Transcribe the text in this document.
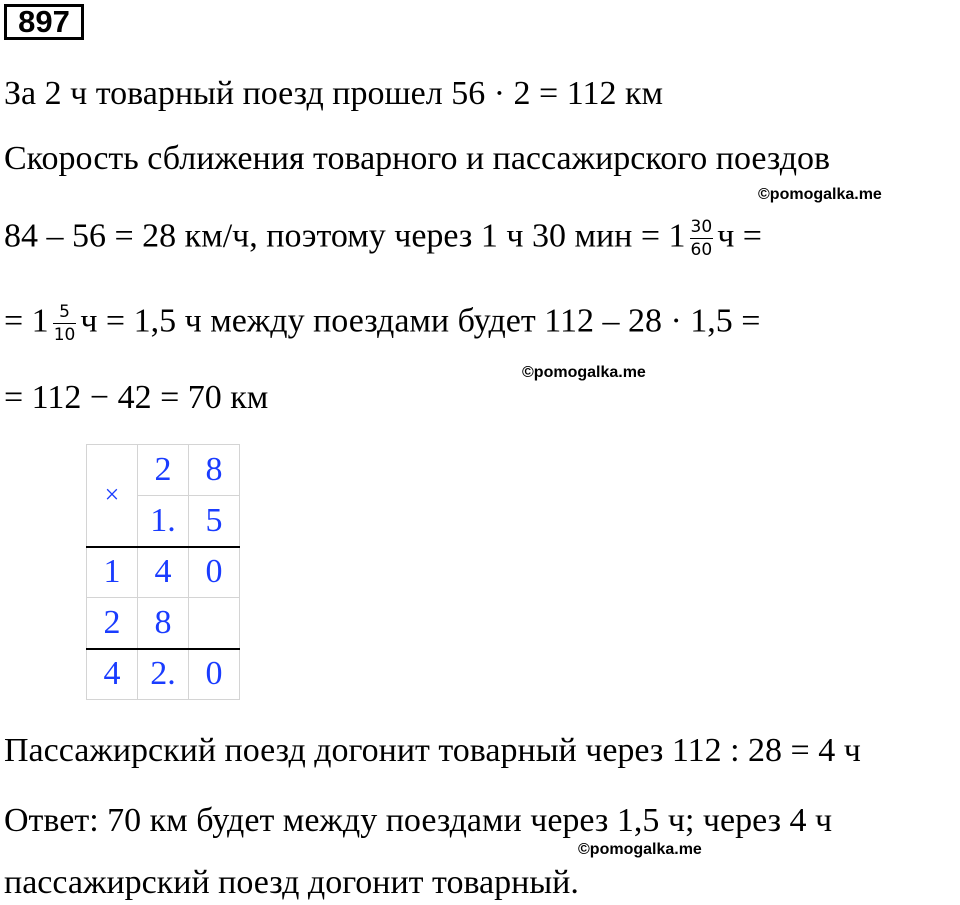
897
За 2 ч товарный поезд прошел 56 · 2 = 112 км
Скорость сближения товарного и пассажирского поездов
©pomogalka.me
84 – 56 = 28 км/ч, поэтому через 1 ч 30 мин = $1 \frac{30}{60}$ ч =
= $1 \frac{5}{10}$ ч = 1,5 ч между поездами будет 112 – 28 · 1,5 =
©pomogalka.me
= 112 − 42 = 70 км
×	2	8
	1.	5
1	4	0
2	8	
4	2.	0
Пассажирский поезд догонит товарный через 112 : 28 = 4 ч
Ответ: 70 км будет между поездами через 1,5 ч; через 4 ч
©pomogalka.me
пассажирский поезд догонит товарный.
